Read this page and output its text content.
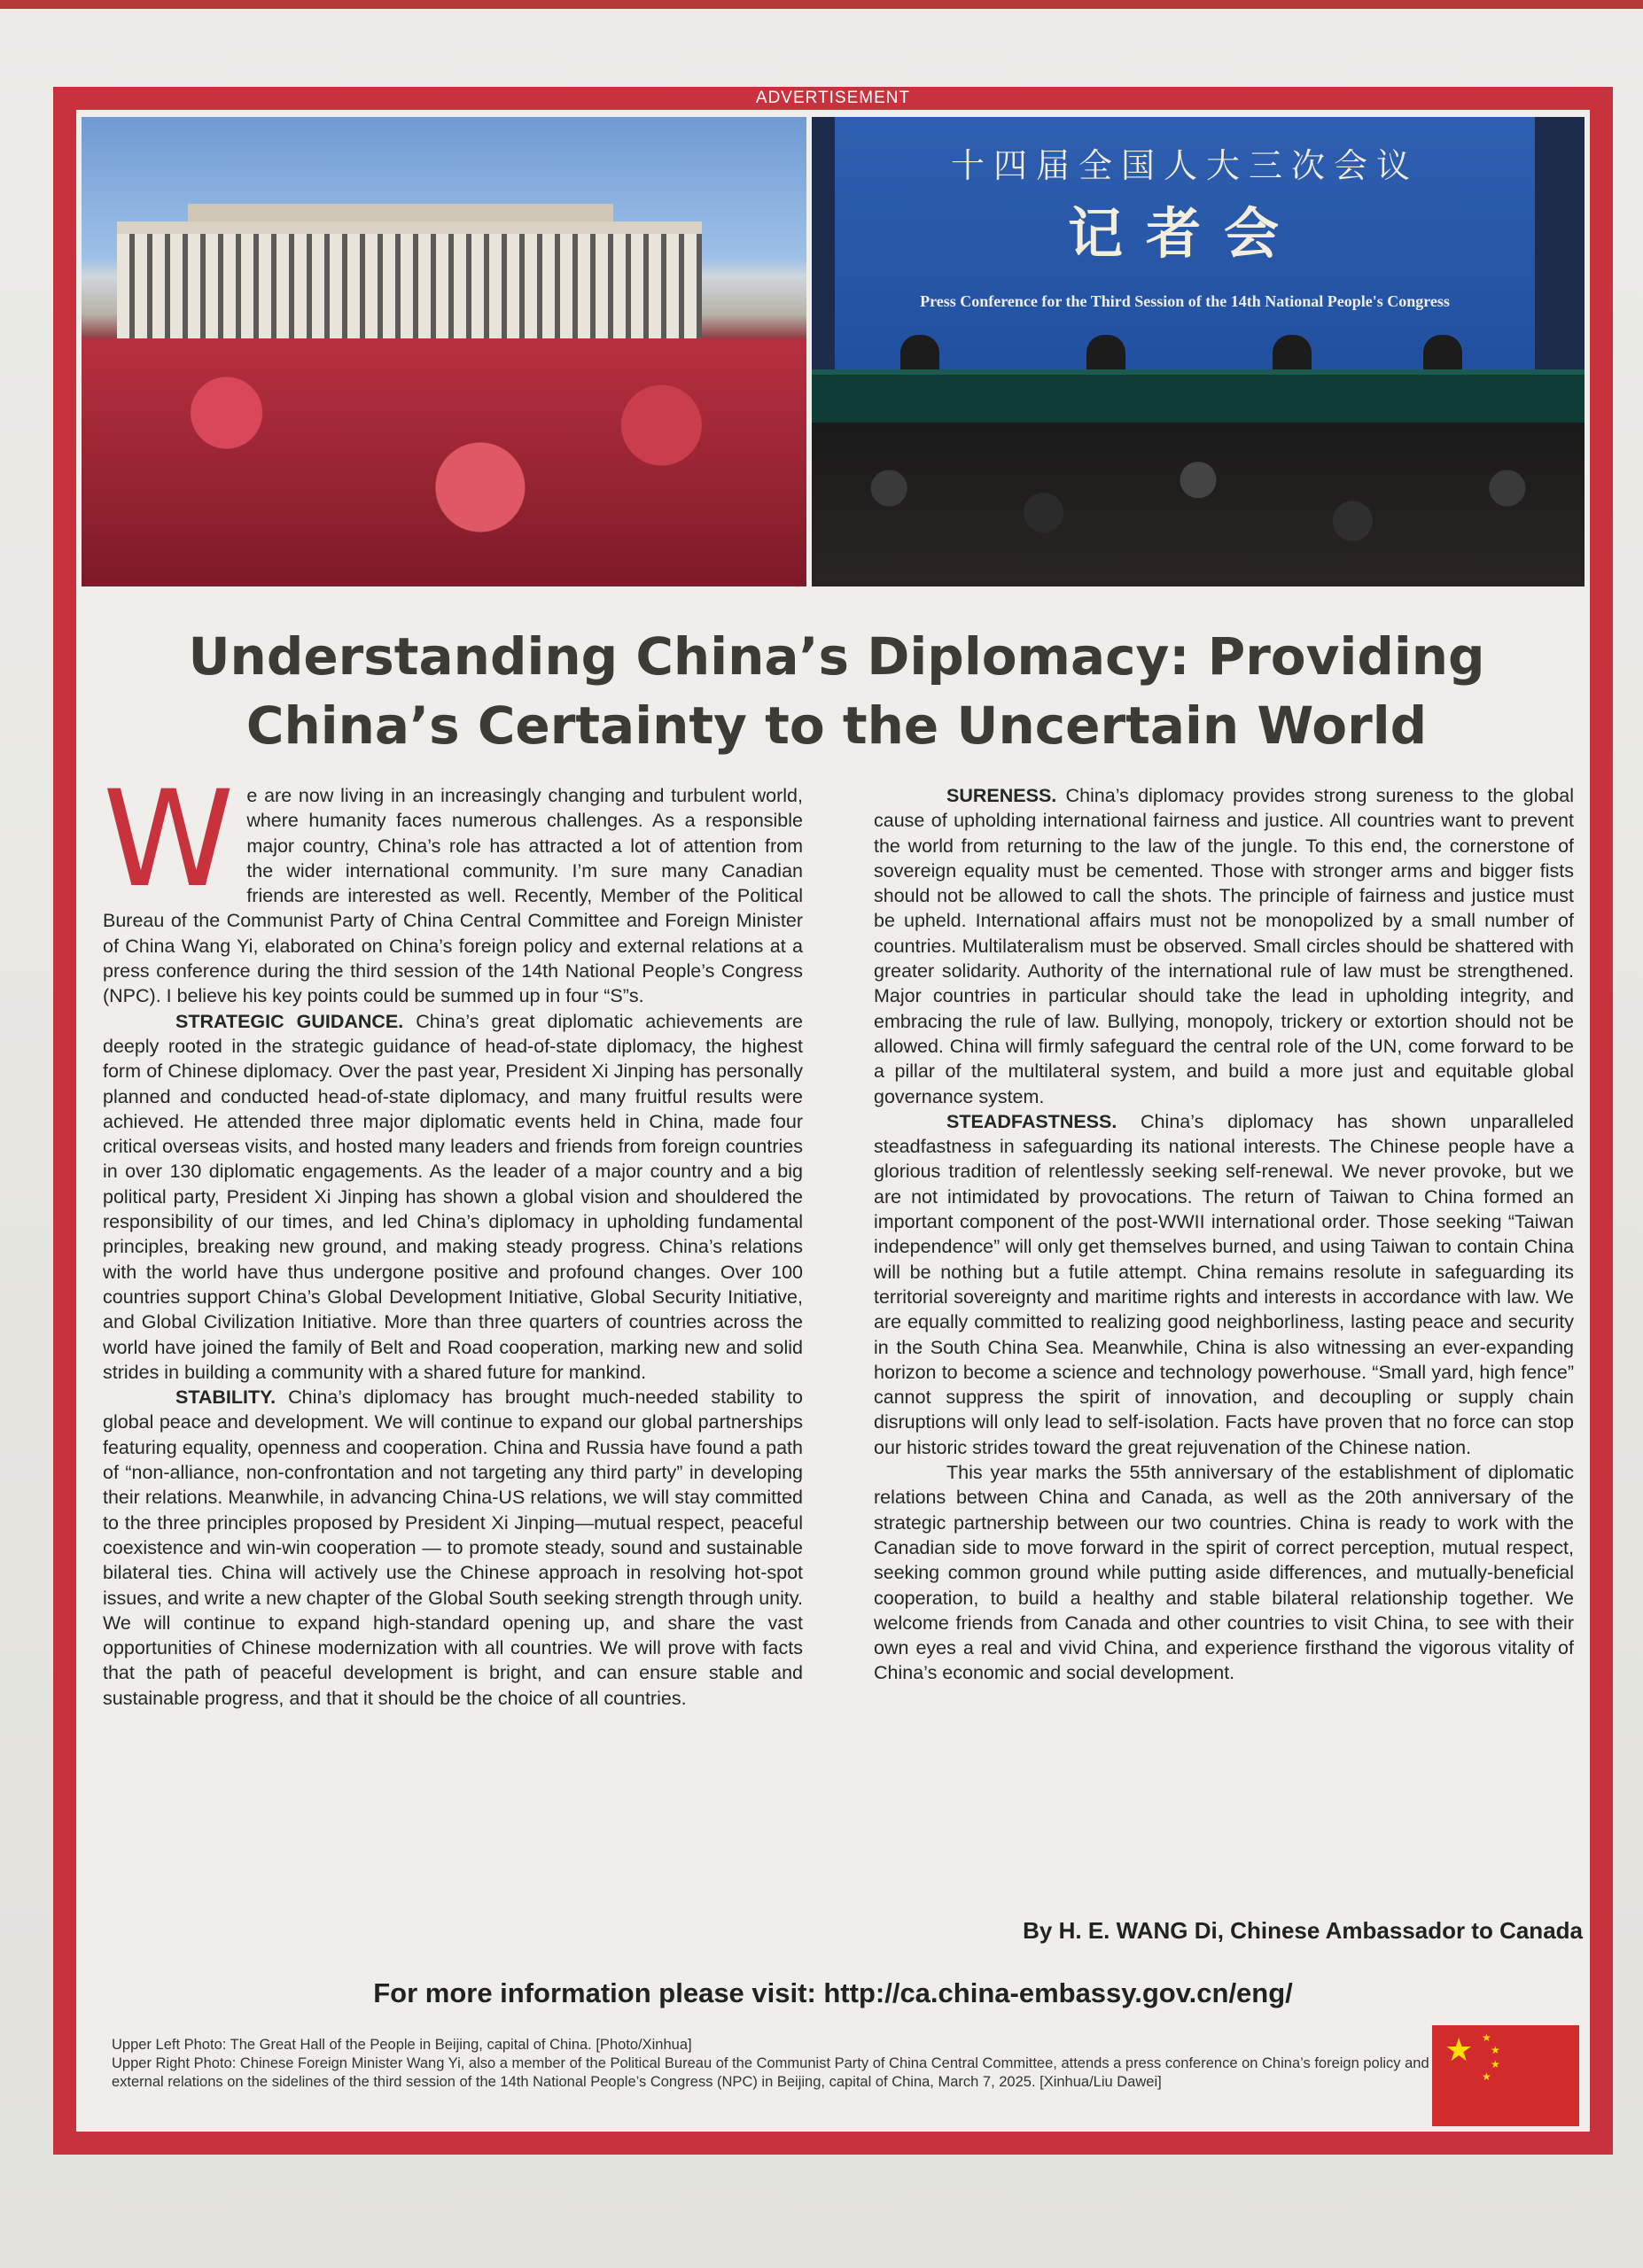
ADVERTISEMENT
十四届全国人大三次会议
记者会
Press Conference for the Third Session of the 14th National People's Congress
Understanding China’s Diplomacy: Providing
China’s Certainty to the Uncertain World

We are now living in an increasingly changing and turbulent world, where humanity faces numerous challenges. As a responsible major country, China’s role has attracted a lot of attention from the wider international community. I’m sure many Canadian friends are interested as well. Recently, Member of the Political Bureau of the Communist Party of China Central Committee and Foreign Minister of China Wang Yi, elaborated on China’s foreign policy and external relations at a press conference during the third session of the 14th National People’s Congress (NPC). I believe his key points could be summed up in four “S”s.

STRATEGIC GUIDANCE. China’s great diplomatic achievements are deeply rooted in the strategic guidance of head-of-state diplomacy, the highest form of Chinese diplomacy. Over the past year, President Xi Jinping has personally planned and conducted head-of-state diplomacy, and many fruitful results were achieved. He attended three major diplomatic events held in China, made four critical overseas visits, and hosted many leaders and friends from foreign countries in over 130 diplomatic engagements. As the leader of a major country and a big political party, President Xi Jinping has shown a global vision and shouldered the responsibility of our times, and led China’s diplomacy in upholding fundamental principles, breaking new ground, and making steady progress. China’s relations with the world have thus undergone positive and profound changes. Over 100 countries support China’s Global Development Initiative, Global Security Initiative, and Global Civilization Initiative. More than three quarters of countries across the world have joined the family of Belt and Road cooperation, marking new and solid strides in building a community with a shared future for mankind.

STABILITY. China’s diplomacy has brought much-needed stability to global peace and development. We will continue to expand our global partnerships featuring equality, openness and cooperation. China and Russia have found a path of “non-alliance, non-confrontation and not targeting any third party” in developing their relations. Meanwhile, in advancing China-US relations, we will stay committed to the three principles proposed by President Xi Jinping—mutual respect, peaceful coexistence and win-win cooperation — to promote steady, sound and sustainable bilateral ties. China will actively use the Chinese approach in resolving hot-spot issues, and write a new chapter of the Global South seeking strength through unity. We will continue to expand high-standard opening up, and share the vast opportunities of Chinese modernization with all countries. We will prove with facts that the path of peaceful development is bright, and can ensure stable and sustainable progress, and that it should be the choice of all countries.

SURENESS. China’s diplomacy provides strong sureness to the global cause of upholding international fairness and justice. All countries want to prevent the world from returning to the law of the jungle. To this end, the cornerstone of sovereign equality must be cemented. Those with stronger arms and bigger fists should not be allowed to call the shots. The principle of fairness and justice must be upheld. International affairs must not be monopolized by a small number of countries. Multilateralism must be observed. Small circles should be shattered with greater solidarity. Authority of the international rule of law must be strengthened. Major countries in particular should take the lead in upholding integrity, and embracing the rule of law. Bullying, monopoly, trickery or extortion should not be allowed. China will firmly safeguard the central role of the UN, come forward to be a pillar of the multilateral system, and build a more just and equitable global governance system.

STEADFASTNESS. China’s diplomacy has shown unparalleled steadfastness in safeguarding its national interests. The Chinese people have a glorious tradition of relentlessly seeking self-renewal. We never provoke, but we are not intimidated by provocations. The return of Taiwan to China formed an important component of the post-WWII international order. Those seeking “Taiwan independence” will only get themselves burned, and using Taiwan to contain China will be nothing but a futile attempt. China remains resolute in safeguarding its territorial sovereignty and maritime rights and interests in accordance with law. We are equally committed to realizing good neighborliness, lasting peace and security in the South China Sea. Meanwhile, China is also witnessing an ever-expanding horizon to become a science and technology powerhouse. “Small yard, high fence” cannot suppress the spirit of innovation, and decoupling or supply chain disruptions will only lead to self-isolation. Facts have proven that no force can stop our historic strides toward the great rejuvenation of the Chinese nation.

This year marks the 55th anniversary of the establishment of diplomatic relations between China and Canada, as well as the 20th anniversary of the strategic partnership between our two countries. China is ready to work with the Canadian side to move forward in the spirit of correct perception, mutual respect, seeking common ground while putting aside differences, and mutually-beneficial cooperation, to build a healthy and stable bilateral relationship together. We welcome friends from Canada and other countries to visit China, to see with their own eyes a real and vivid China, and experience firsthand the vigorous vitality of China’s economic and social development.

By H. E. WANG Di, Chinese Ambassador to Canada
For more information please visit: http://ca.china-embassy.gov.cn/eng/

Upper Left Photo: The Great Hall of the People in Beijing, capital of China. [Photo/Xinhua]

Upper Right Photo: Chinese Foreign Minister Wang Yi, also a member of the Political Bureau of the Communist Party of China Central Committee, attends a press conference on China’s foreign policy and external relations on the sidelines of the third session of the 14th National People’s Congress (NPC) in Beijing, capital of China, March 7, 2025. [Xinhua/Liu Dawei]

★ ★
★
★
★
